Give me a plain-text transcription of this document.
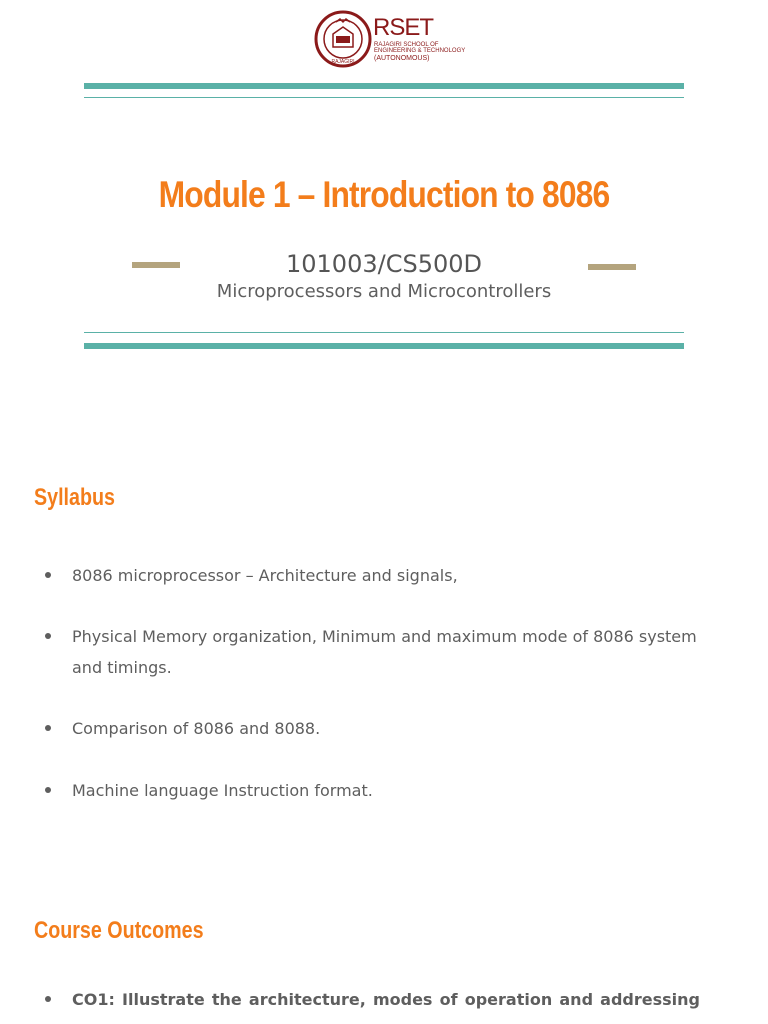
RAJAGIRI
RSET
RAJAGIRI SCHOOL OF ENGINEERING & TECHNOLOGY
(AUTONOMOUS)
Module 1 – Introduction to 8086
101003/CS500D
Microprocessors and Microcontrollers
Syllabus
8086 microprocessor – Architecture and signals,
Physical Memory organization, Minimum and maximum mode of 8086 system and timings.
Comparison of 8086 and 8088.
Machine language Instruction format.
Course Outcomes
CO1: Illustrate the architecture, modes of operation and addressing
